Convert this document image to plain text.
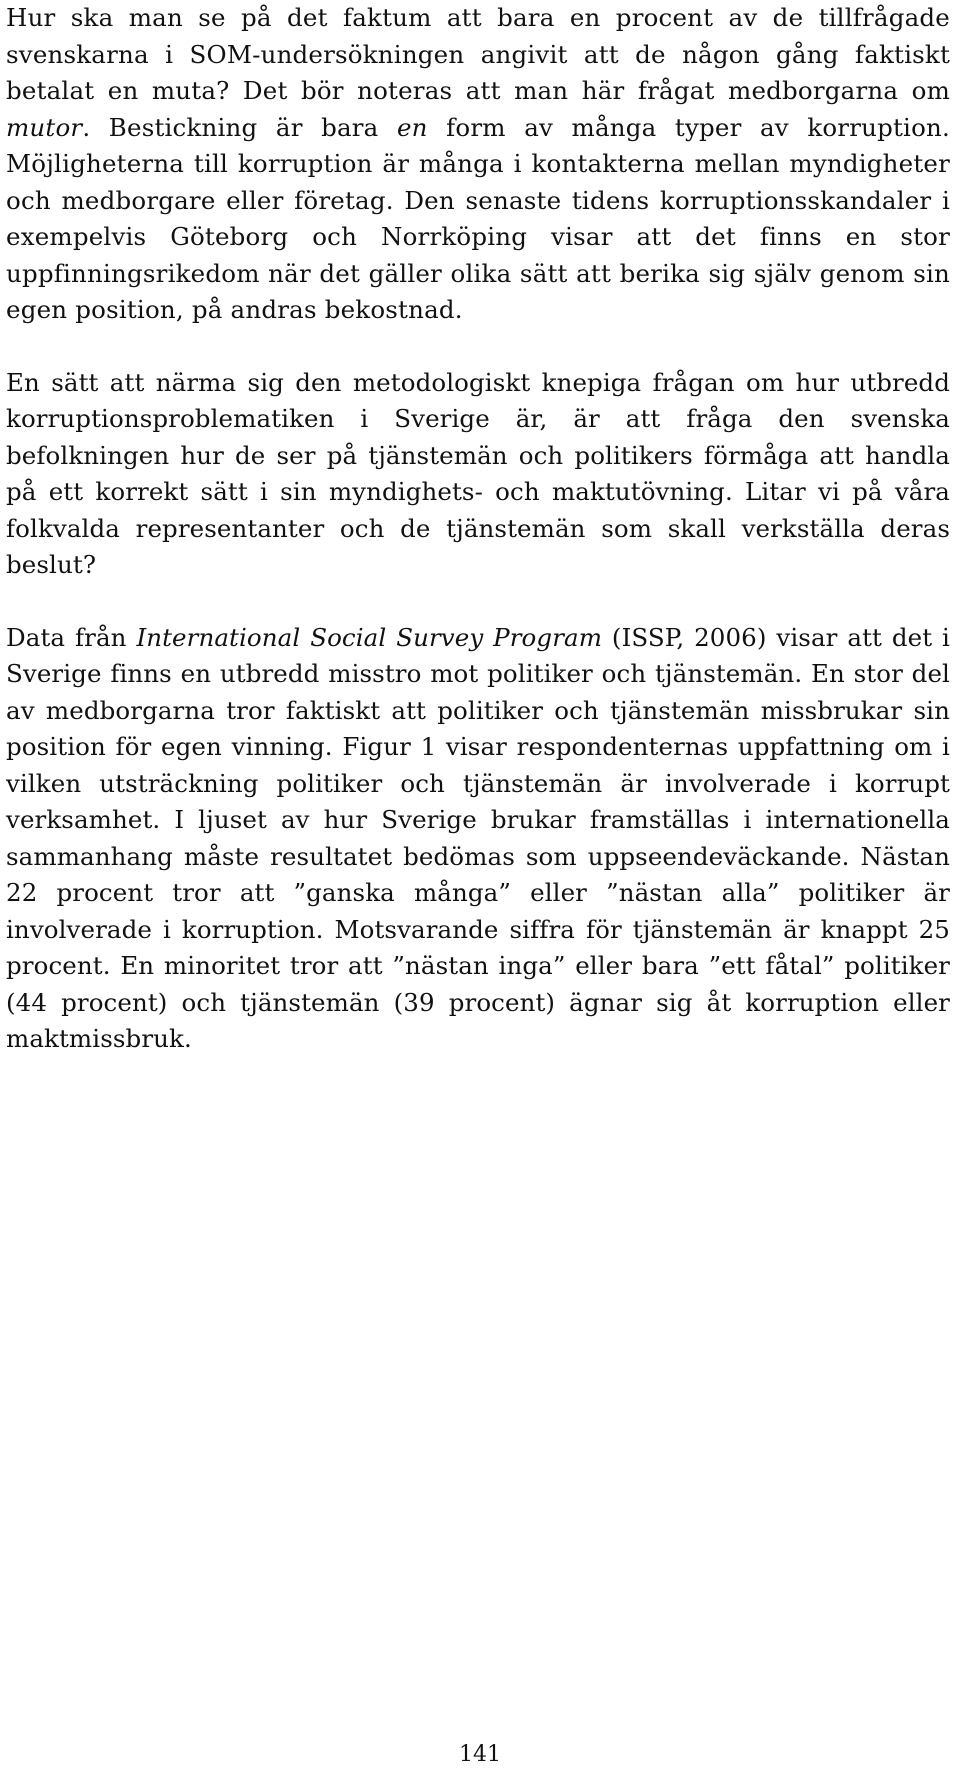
Hur ska man se på det faktum att bara en procent av de tillfrågade svenskarna i SOM-undersökningen angivit att de någon gång faktiskt betalat en muta? Det bör noteras att man här frågat medborgarna om mutor. Bestickning är bara en form av många typer av korruption. Möjligheterna till korruption är många i kontakterna mellan myndigheter och medborgare eller företag. Den senaste tidens korruptionsskandaler i exempelvis Göteborg och Norrköping visar att det finns en stor uppfinningsrikedom när det gäller olika sätt att berika sig själv genom sin egen position, på andras bekostnad.

En sätt att närma sig den metodologiskt knepiga frågan om hur utbredd korruptionsproblematiken i Sverige är, är att fråga den svenska befolkningen hur de ser på tjänstemän och politikers förmåga att handla på ett korrekt sätt i sin myndighets- och maktutövning. Litar vi på våra folkvalda representanter och de tjänstemän som skall verkställa deras beslut?

Data från International Social Survey Program (ISSP, 2006) visar att det i Sverige finns en utbredd misstro mot politiker och tjänstemän. En stor del av medborgarna tror faktiskt att politiker och tjänstemän missbrukar sin position för egen vinning. Figur 1 visar respondenternas uppfattning om i vilken utsträckning politiker och tjänstemän är involverade i korrupt verksamhet. I ljuset av hur Sverige brukar framställas i internationella sammanhang måste resultatet bedömas som uppseendeväckande. Nästan 22 procent tror att ”ganska många” eller ”nästan alla” politiker är involverade i korruption. Motsvarande siffra för tjänstemän är knappt 25 procent. En minoritet tror att ”nästan inga” eller bara ”ett fåtal” politiker (44 procent) och tjänstemän (39 procent) ägnar sig åt korruption eller maktmissbruk.

141
